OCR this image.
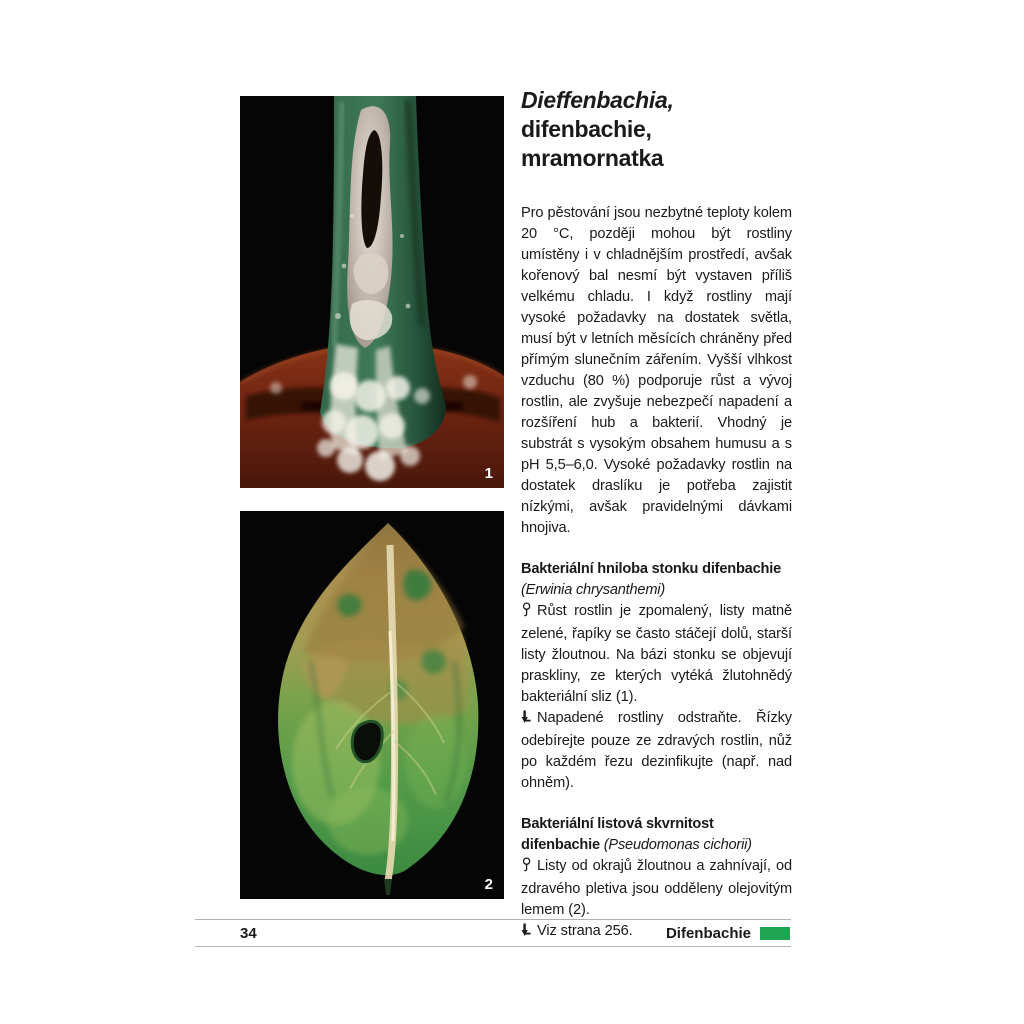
1
2
Dieffenbachia,
difenbachie, mramornatka

Pro pěstování jsou nezbytné teploty kolem 20 °C, později mohou být rostliny umístěny i v chladnějším prostředí, avšak kořenový bal nesmí být vystaven příliš velkému chladu. I když rostliny mají vysoké požadavky na dostatek světla, musí být v letních měsících chráněny před přímým slunečním zářením. Vyšší vlhkost vzduchu (80 %) podporuje růst a vývoj rostlin, ale zvyšuje nebezpečí napadení a rozšíření hub a bakterií. Vhodný je substrát s vysokým obsahem humusu a s pH 5,5–6,0. Vysoké požadavky rostlin na dostatek draslíku je potřeba zajistit nízkými, avšak pravidelnými dávkami hnojiva.

Bakteriální hniloba stonku difenbachie
(Erwinia chrysanthemi)

Růst rostlin je zpomalený, listy matně zelené, řapíky se často stáčejí dolů, starší listy žloutnou. Na bázi stonku se objevují praskliny, ze kterých vytéká žlutohnědý bakteriální sliz (1).

Napadené rostliny odstraňte. Řízky odebírejte pouze ze zdravých rostlin, nůž po každém řezu dezinfikujte (např. nad ohněm).

Bakteriální listová skvrnitost difenbachie (Pseudomonas cichorii)

Listy od okrajů žloutnou a zahnívají, od zdravého pletiva jsou odděleny olejovitým lemem (2).

Viz strana 256.

34	Difenbachie
